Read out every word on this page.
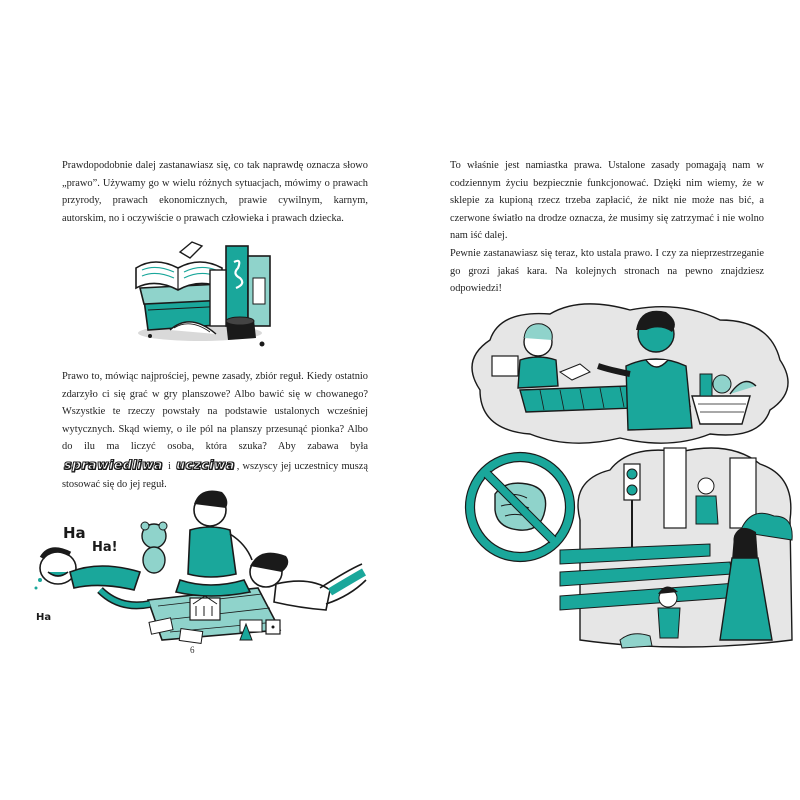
Prawdopodobnie dalej zastanawiasz się, co tak naprawdę oznacza słowo „prawo”. Używamy go w wielu różnych sytuacjach, mówimy o prawach przyrody, prawach ekonomicznych, prawie cywilnym, karnym, autorskim, no i oczywiście o prawach człowieka i prawach dziecka.

Prawo to, mówiąc najprościej, pewne zasady, zbiór reguł. Kiedy ostatnio zdarzyło ci się grać w gry planszowe? Albo bawić się w chowanego? Wszystkie te rzeczy powstały na podstawie ustalonych wcześniej wytycznych. Skąd wiemy, o ile pól na planszy przesunąć pionka? Albo do ilu ma liczyć osoba, która szuka? Aby zabawa była sprawiedliwa i uczciwa , wszyscy jej uczestnicy muszą stosować się do jej reguł.

Ha
Ha!
Ha
6

To właśnie jest namiastka prawa. Ustalone zasady pomagają nam w codziennym życiu bezpiecznie funkcjonować. Dzięki nim wiemy, że w sklepie za kupioną rzecz trzeba zapłacić, że nikt nie może nas bić, a czerwone światło na drodze oznacza, że musimy się zatrzymać i nie wolno nam iść dalej.

Pewnie zastanawiasz się teraz, kto ustala prawo. I czy za nieprzestrzeganie go grozi jakaś kara. Na kolejnych stronach na pewno znajdziesz odpowiedzi!
